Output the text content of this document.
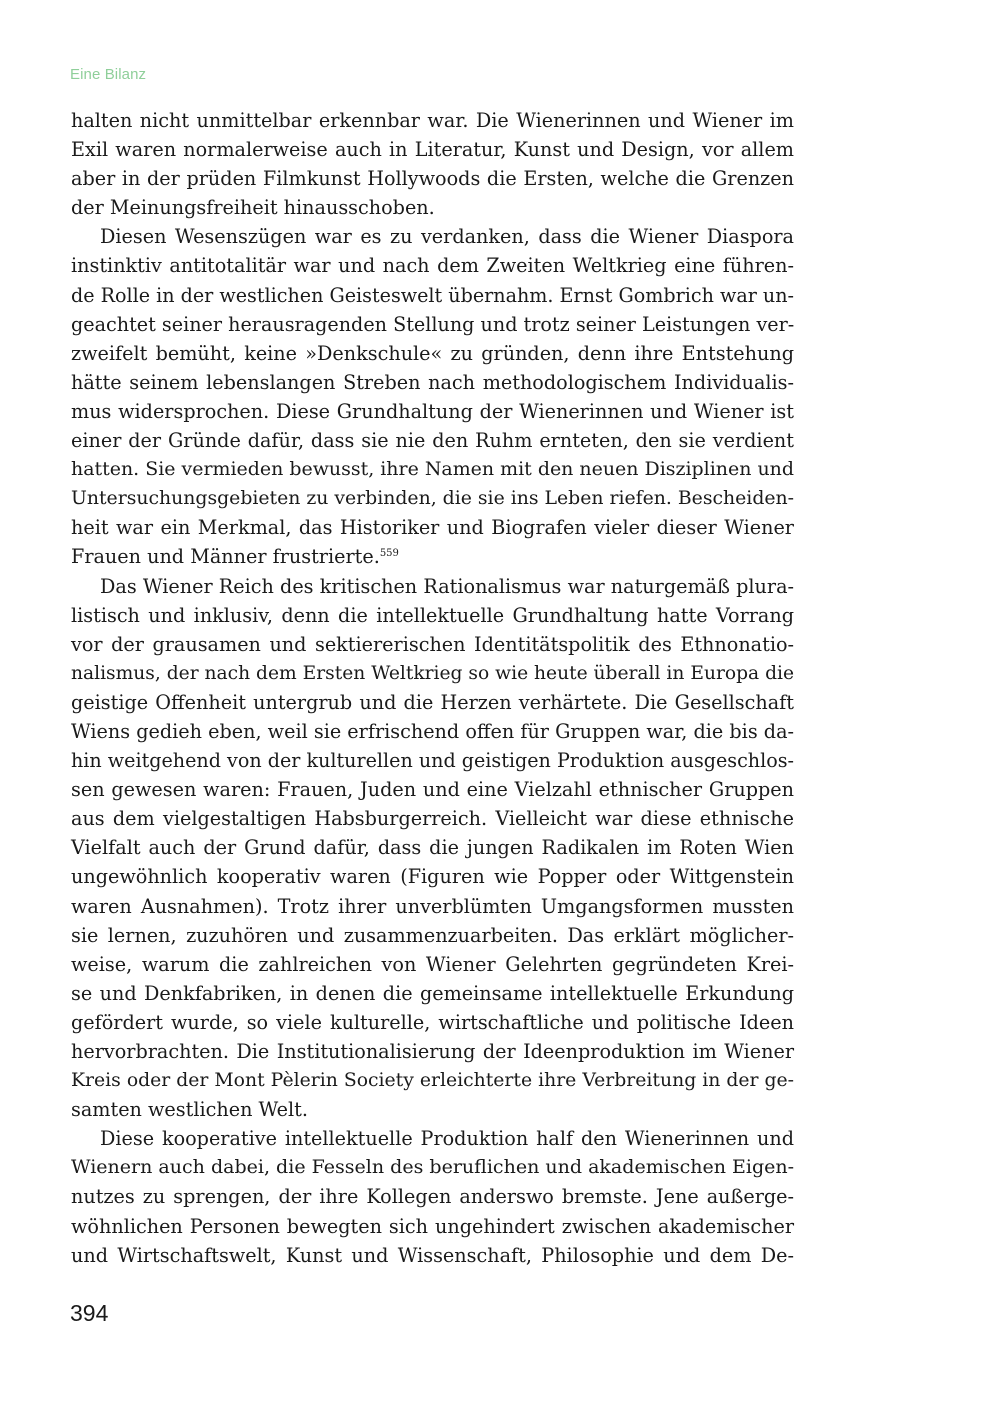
Eine Bilanz
halten nicht unmittelbar erkennbar war. Die Wienerinnen und Wiener im
Exil waren normalerweise auch in Literatur, Kunst und Design, vor allem
aber in der prüden Filmkunst Hollywoods die Ersten, welche die Grenzen
der Meinungsfreiheit hinausschoben.
Diesen Wesenszügen war es zu verdanken, dass die Wiener Diaspora
instinktiv antitotalitär war und nach dem Zweiten Weltkrieg eine führen-
de Rolle in der westlichen Geisteswelt übernahm. Ernst Gombrich war un-
geachtet seiner herausragenden Stellung und trotz seiner Leistungen ver-
zweifelt bemüht, keine »Denkschule« zu gründen, denn ihre Entstehung
hätte seinem lebenslangen Streben nach methodologischem Individualis-
mus widersprochen. Diese Grundhaltung der Wienerinnen und Wiener ist
einer der Gründe dafür, dass sie nie den Ruhm ernteten, den sie verdient
hatten. Sie vermieden bewusst, ihre Namen mit den neuen Disziplinen und
Untersuchungsgebieten zu verbinden, die sie ins Leben riefen. Bescheiden-
heit war ein Merkmal, das Historiker und Biografen vieler dieser Wiener
Frauen und Männer frustrierte.$^{559}$
Das Wiener Reich des kritischen Rationalismus war naturgemäß plura-
listisch und inklusiv, denn die intellektuelle Grundhaltung hatte Vorrang
vor der grausamen und sektiererischen Identitätspolitik des Ethnonatio-
nalismus, der nach dem Ersten Weltkrieg so wie heute überall in Europa die
geistige Offenheit untergrub und die Herzen verhärtete. Die Gesellschaft
Wiens gedieh eben, weil sie erfrischend offen für Gruppen war, die bis da-
hin weitgehend von der kulturellen und geistigen Produktion ausgeschlos-
sen gewesen waren: Frauen, Juden und eine Vielzahl ethnischer Gruppen
aus dem vielgestaltigen Habsburgerreich. Vielleicht war diese ethnische
Vielfalt auch der Grund dafür, dass die jungen Radikalen im Roten Wien
ungewöhnlich kooperativ waren (Figuren wie Popper oder Wittgenstein
waren Ausnahmen). Trotz ihrer unverblümten Umgangsformen mussten
sie lernen, zuzuhören und zusammenzuarbeiten. Das erklärt möglicher-
weise, warum die zahlreichen von Wiener Gelehrten gegründeten Krei-
se und Denkfabriken, in denen die gemeinsame intellektuelle Erkundung
gefördert wurde, so viele kulturelle, wirtschaftliche und politische Ideen
hervorbrachten. Die Institutionalisierung der Ideenproduktion im Wiener
Kreis oder der Mont Pèlerin Society erleichterte ihre Verbreitung in der ge-
samten westlichen Welt.
Diese kooperative intellektuelle Produktion half den Wienerinnen und
Wienern auch dabei, die Fesseln des beruflichen und akademischen Eigen-
nutzes zu sprengen, der ihre Kollegen anderswo bremste. Jene außerge-
wöhnlichen Personen bewegten sich ungehindert zwischen akademischer
und Wirtschaftswelt, Kunst und Wissenschaft, Philosophie und dem De-
394
